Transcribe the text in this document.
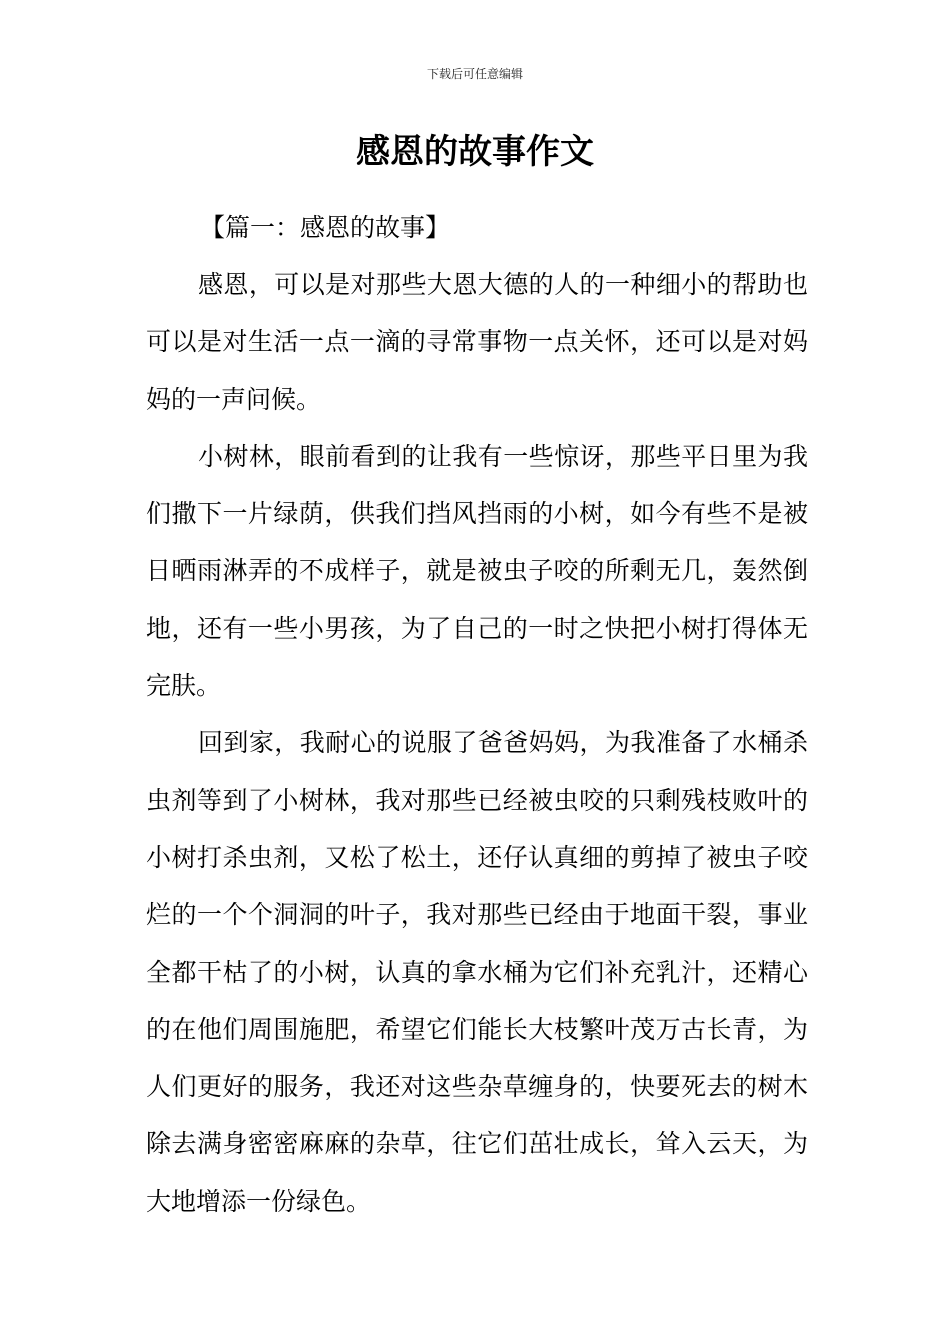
下载后可任意编辑
感恩的故事作文

【篇一：感恩的故事】

感恩，可以是对那些大恩大德的人的一种细小的帮助也可以是对生活一点一滴的寻常事物一点关怀，还可以是对妈妈的一声问候。

小树林，眼前看到的让我有一些惊讶，那些平日里为我们撒下一片绿荫，供我们挡风挡雨的小树，如今有些不是被日晒雨淋弄的不成样子，就是被虫子咬的所剩无几，轰然倒地，还有一些小男孩，为了自己的一时之快把小树打得体无完肤。

回到家，我耐心的说服了爸爸妈妈，为我准备了水桶杀虫剂等到了小树林，我对那些已经被虫咬的只剩残枝败叶的小树打杀虫剂，又松了松土，还仔认真细的剪掉了被虫子咬烂的一个个洞洞的叶子，我对那些已经由于地面干裂，事业全都干枯了的小树，认真的拿水桶为它们补充乳汁，还精心的在他们周围施肥，希望它们能长大枝繁叶茂万古长青，为人们更好的服务，我还对这些杂草缠身的，快要死去的树木除去满身密密麻麻的杂草，往它们茁壮成长，耸入云天，为大地增添一份绿色。
